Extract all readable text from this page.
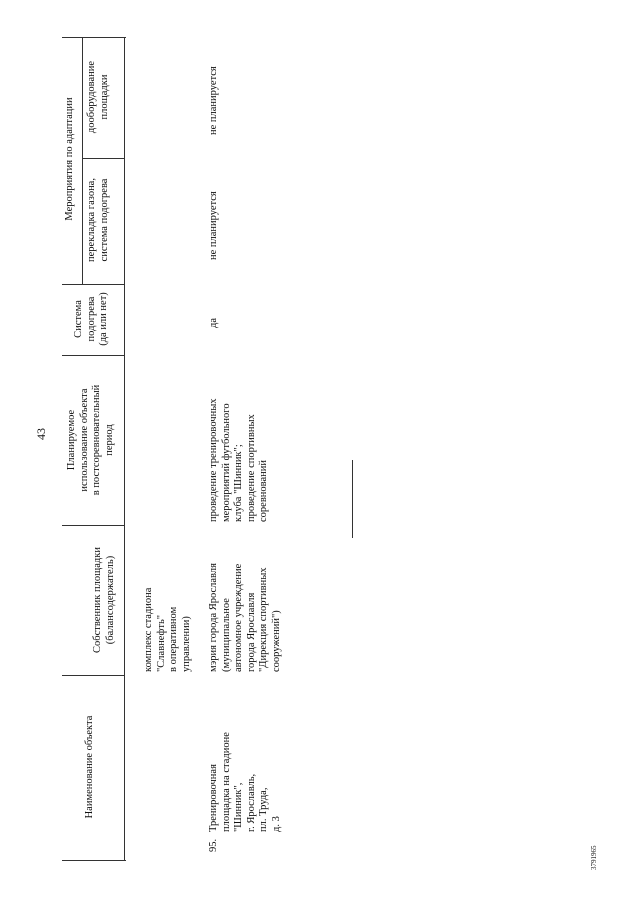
43
Наименование объекта
Собственник площадки (балансодержатель)
Планируемое использование объекта в постсоревновательный период
Система подогрева (да или нет)
Мероприятия по адаптации перекладка газона, система подогрева
дооборудование площадки
комплекс стадиона "Славнефть" в оперативном управлении)
95.
Тренировочная площадка на стадионе "Шинник", г. Ярославль, пл. Труда, д. 3
мэрия города Ярославля (муниципальное автономное учреждение города Ярославля "Дирекция спортивных сооружений")
проведение тренировочных мероприятий футбольного клуба "Шинник"; проведение спортивных соревнований
да
не планируется
не планируется
3791965
